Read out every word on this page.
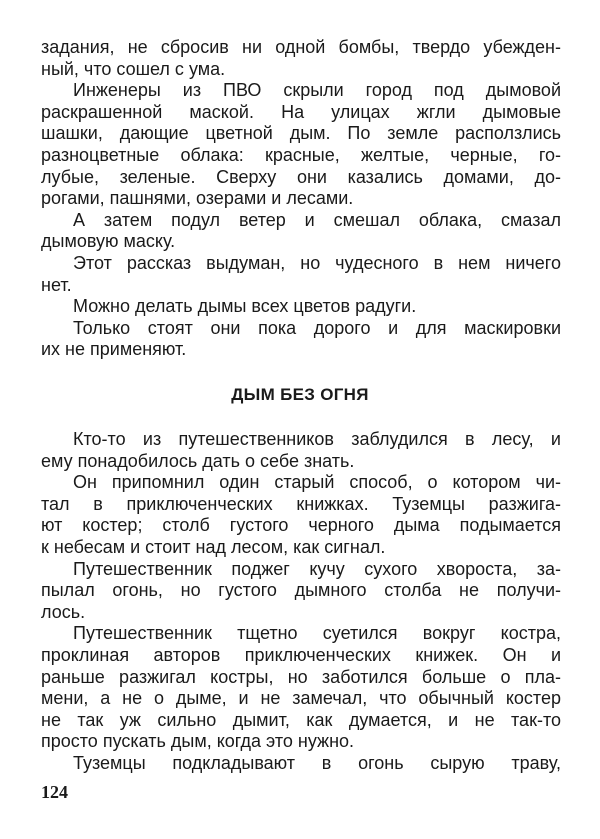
задания, не сбросив ни одной бомбы, твердо убежден-
ный, что сошел с ума.
Инженеры из ПВО скрыли город под дымовой
раскрашенной маской. На улицах жгли дымовые
шашки, дающие цветной дым. По земле расползлись
разноцветные облака: красные, желтые, черные, го-
лубые, зеленые. Сверху они казались домами, до-
рогами, пашнями, озерами и лесами.
А затем подул ветер и смешал облака, смазал
дымовую маску.
Этот рассказ выдуман, но чудесного в нем ничего
нет.
Можно делать дымы всех цветов радуги.
Только стоят они пока дорого и для маскировки
их не применяют.
ДЫМ БЕЗ ОГНЯ
Кто-то из путешественников заблудился в лесу, и
ему понадобилось дать о себе знать.
Он припомнил один старый способ, о котором чи-
тал в приключенческих книжках. Туземцы разжига-
ют костер; столб густого черного дыма подымается
к небесам и стоит над лесом, как сигнал.
Путешественник поджег кучу сухого хвороста, за-
пылал огонь, но густого дымного столба не получи-
лось.
Путешественник тщетно суетился вокруг костра,
проклиная авторов приключенческих книжек. Он и
раньше разжигал костры, но заботился больше о пла-
мени, а не о дыме, и не замечал, что обычный костер
не так уж сильно дымит, как думается, и не так-то
просто пускать дым, когда это нужно.
Туземцы подкладывают в огонь сырую траву,
124
